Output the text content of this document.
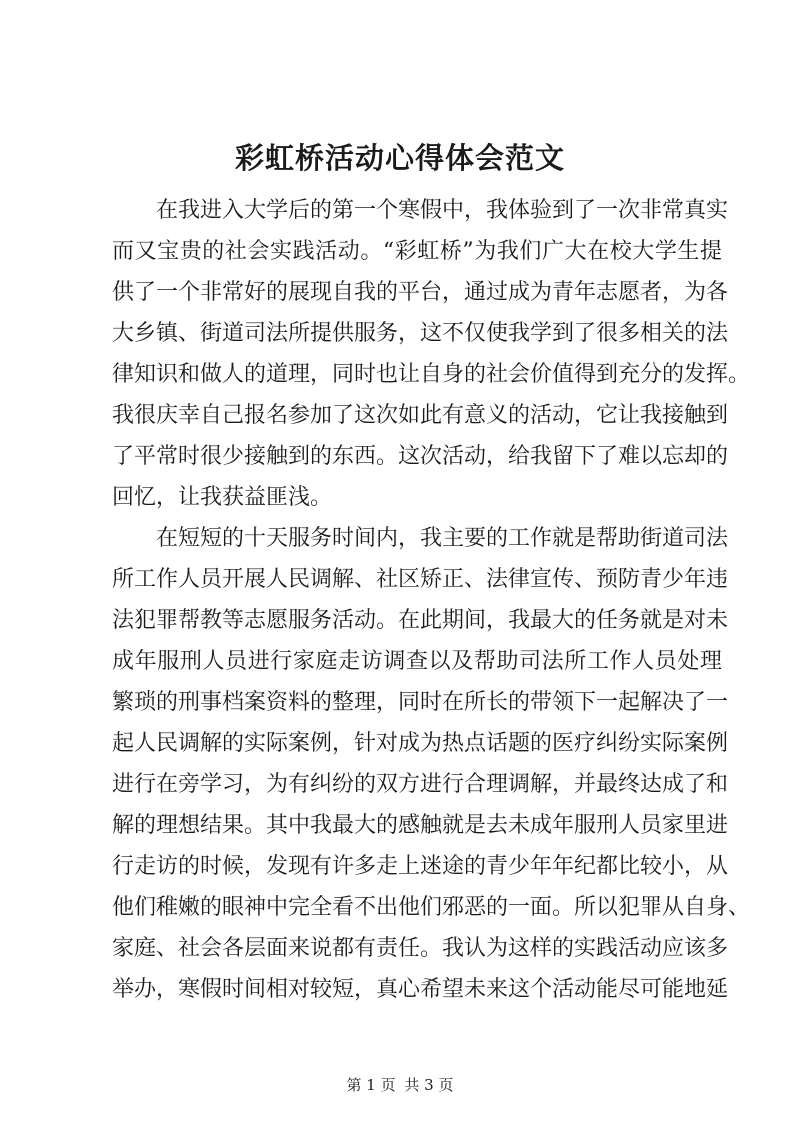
彩虹桥活动心得体会范文
在我进入大学后的第一个寒假中，我体验到了一次非常真实
而又宝贵的社会实践活动。“彩虹桥”为我们广大在校大学生提
供了一个非常好的展现自我的平台，通过成为青年志愿者，为各
大乡镇、街道司法所提供服务，这不仅使我学到了很多相关的法
律知识和做人的道理，同时也让自身的社会价值得到充分的发挥。
我很庆幸自己报名参加了这次如此有意义的活动，它让我接触到
了平常时很少接触到的东西。这次活动，给我留下了难以忘却的
回忆，让我获益匪浅。
在短短的十天服务时间内，我主要的工作就是帮助街道司法
所工作人员开展人民调解、社区矫正、法律宣传、预防青少年违
法犯罪帮教等志愿服务活动。在此期间，我最大的任务就是对未
成年服刑人员进行家庭走访调查以及帮助司法所工作人员处理
繁琐的刑事档案资料的整理，同时在所长的带领下一起解决了一
起人民调解的实际案例，针对成为热点话题的医疗纠纷实际案例
进行在旁学习，为有纠纷的双方进行合理调解，并最终达成了和
解的理想结果。其中我最大的感触就是去未成年服刑人员家里进
行走访的时候，发现有许多走上迷途的青少年年纪都比较小，从
他们稚嫩的眼神中完全看不出他们邪恶的一面。所以犯罪从自身、
家庭、社会各层面来说都有责任。我认为这样的实践活动应该多
举办，寒假时间相对较短，真心希望未来这个活动能尽可能地延
第 1 页 共 3 页
